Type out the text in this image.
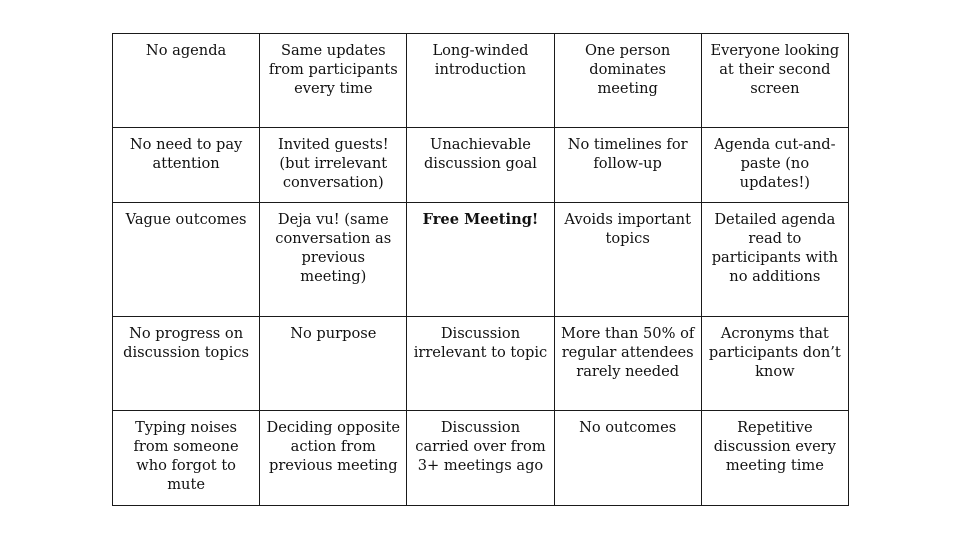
No agenda	Same updates from participants every time	Long-winded introduction	One person dominates meeting	Everyone looking at their second screen

No need to pay attention	Invited guests! (but irrelevant conversation)	Unachievable discussion goal	No timelines for follow-up	Agenda cut-and-paste (no updates!)

Vague outcomes	Deja vu! (same conversation as previous meeting)	Free Meeting!	Avoids important topics	Detailed agenda read to participants with no additions

No progress on discussion topics	No purpose	Discussion irrelevant to topic	More than 50% of regular attendees rarely needed	Acronyms that participants don’t know

Typing noises from someone who forgot to mute	Deciding opposite action from previous meeting	Discussion carried over from 3+ meetings ago	No outcomes	Repetitive discussion every meeting time
